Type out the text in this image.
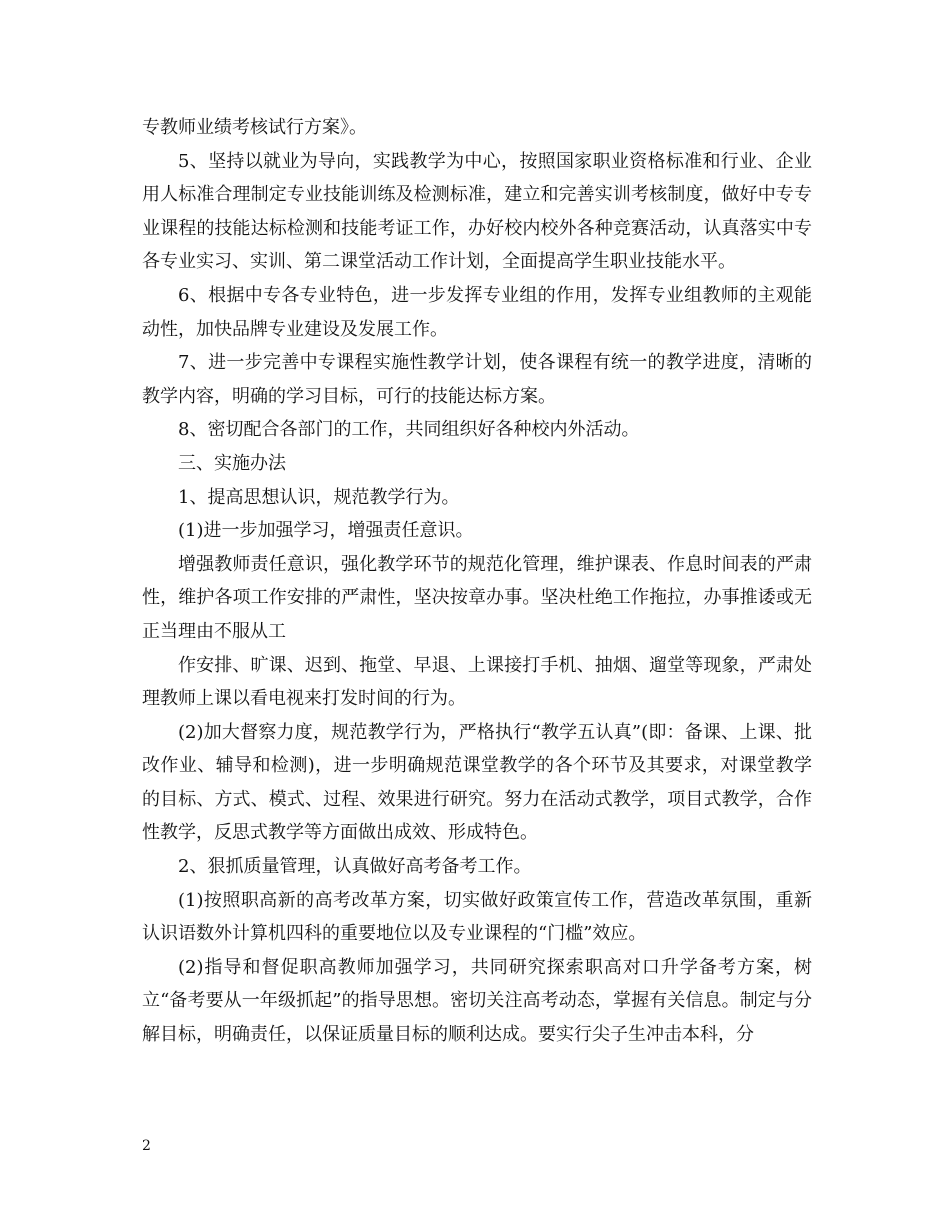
专教师业绩考核试行方案》。

5、坚持以就业为导向，实践教学为中心，按照国家职业资格标准和行业、企业用人标准合理制定专业技能训练及检测标准，建立和完善实训考核制度，做好中专专业课程的技能达标检测和技能考证工作，办好校内校外各种竞赛活动，认真落实中专各专业实习、实训、第二课堂活动工作计划，全面提高学生职业技能水平。

6、根据中专各专业特色，进一步发挥专业组的作用，发挥专业组教师的主观能动性，加快品牌专业建设及发展工作。

7、进一步完善中专课程实施性教学计划，使各课程有统一的教学进度，清晰的教学内容，明确的学习目标，可行的技能达标方案。

8、密切配合各部门的工作，共同组织好各种校内外活动。

三、实施办法

1、提高思想认识，规范教学行为。

(1)进一步加强学习，增强责任意识。

增强教师责任意识，强化教学环节的规范化管理，维护课表、作息时间表的严肃性，维护各项工作安排的严肃性，坚决按章办事。坚决杜绝工作拖拉，办事推诿或无正当理由不服从工

作安排、旷课、迟到、拖堂、早退、上课接打手机、抽烟、遛堂等现象，严肃处理教师上课以看电视来打发时间的行为。

(2)加大督察力度，规范教学行为，严格执行“教学五认真”(即：备课、上课、批改作业、辅导和检测)，进一步明确规范课堂教学的各个环节及其要求，对课堂教学的目标、方式、模式、过程、效果进行研究。努力在活动式教学，项目式教学，合作性教学，反思式教学等方面做出成效、形成特色。

2、狠抓质量管理，认真做好高考备考工作。

(1)按照职高新的高考改革方案，切实做好政策宣传工作，营造改革氛围，重新认识语数外计算机四科的重要地位以及专业课程的“门槛”效应。

(2)指导和督促职高教师加强学习，共同研究探索职高对口升学备考方案，树立“备考要从一年级抓起”的指导思想。密切关注高考动态，掌握有关信息。制定与分解目标，明确责任，以保证质量目标的顺利达成。要实行尖子生冲击本科，分

2
